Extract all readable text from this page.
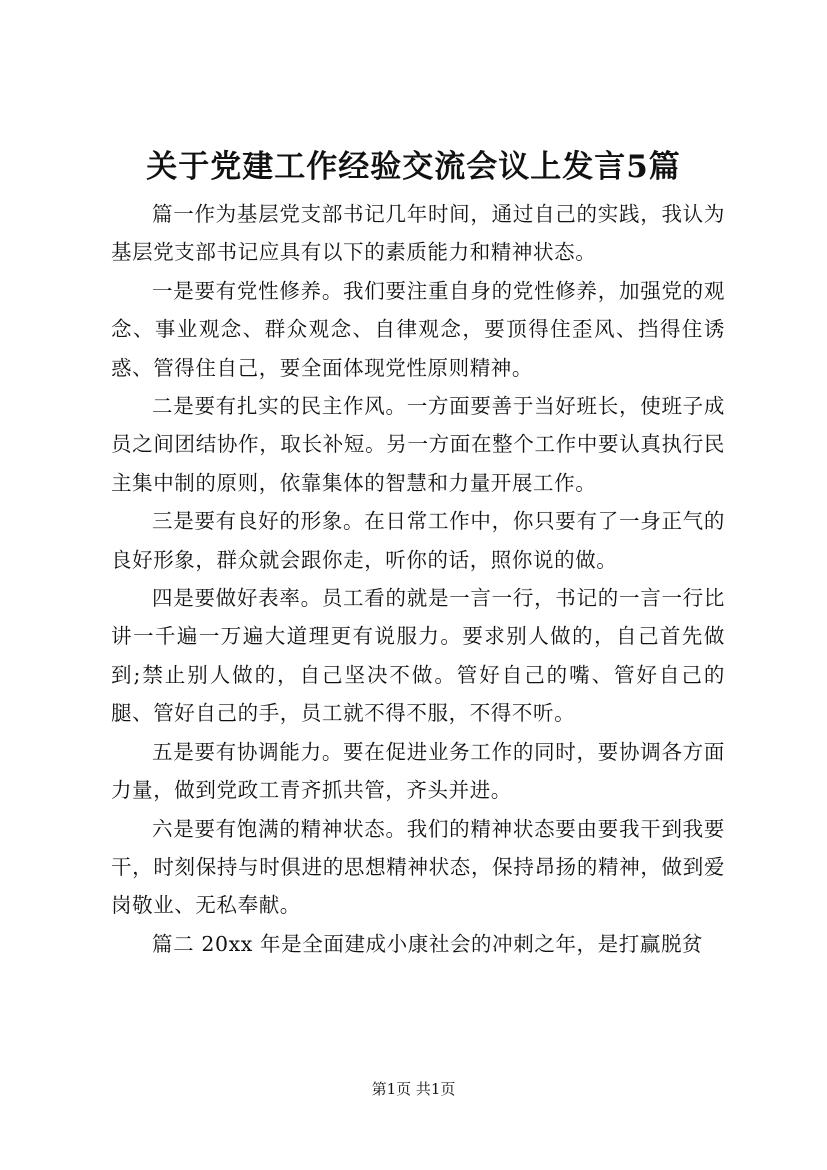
关于党建工作经验交流会议上发言5篇

篇一作为基层党支部书记几年时间，通过自己的实践，我认为基层党支部书记应具有以下的素质能力和精神状态。

一是要有党性修养。我们要注重自身的党性修养，加强党的观念、事业观念、群众观念、自律观念，要顶得住歪风、挡得住诱惑、管得住自己，要全面体现党性原则精神。

二是要有扎实的民主作风。一方面要善于当好班长，使班子成员之间团结协作，取长补短。另一方面在整个工作中要认真执行民主集中制的原则，依靠集体的智慧和力量开展工作。

三是要有良好的形象。在日常工作中，你只要有了一身正气的良好形象，群众就会跟你走，听你的话，照你说的做。

四是要做好表率。员工看的就是一言一行，书记的一言一行比讲一千遍一万遍大道理更有说服力。要求别人做的，自己首先做到;禁止别人做的，自己坚决不做。管好自己的嘴、管好自己的腿、管好自己的手，员工就不得不服，不得不听。

五是要有协调能力。要在促进业务工作的同时，要协调各方面力量，做到党政工青齐抓共管，齐头并进。

六是要有饱满的精神状态。我们的精神状态要由要我干到我要干，时刻保持与时俱进的思想精神状态，保持昂扬的精神，做到爱岗敬业、无私奉献。

篇二 20xx 年是全面建成小康社会的冲刺之年，是打赢脱贫

第1页 共1页
